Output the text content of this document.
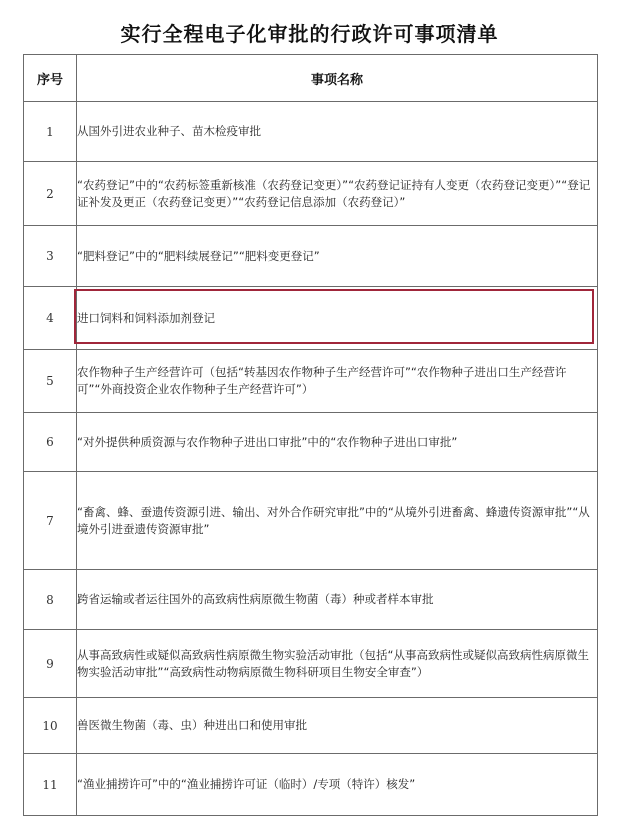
实行全程电子化审批的行政许可事项清单
序号	事项名称
1	从国外引进农业种子、苗木检疫审批
2	“农药登记”中的“农药标签重新核准（农药登记变更）”“农药登记证持有人变更（农药登记变更）”“登记证补发及更正（农药登记变更）”“农药登记信息添加（农药登记）”
3	“肥料登记”中的“肥料续展登记”“肥料变更登记”
4	进口饲料和饲料添加剂登记
5	农作物种子生产经营许可（包括“转基因农作物种子生产经营许可”“农作物种子进出口生产经营许可”“外商投资企业农作物种子生产经营许可”）
6	“对外提供种质资源与农作物种子进出口审批”中的“农作物种子进出口审批”
7	“畜禽、蜂、蚕遗传资源引进、输出、对外合作研究审批”中的“从境外引进畜禽、蜂遗传资源审批”“从境外引进蚕遗传资源审批”
8	跨省运输或者运往国外的高致病性病原微生物菌（毒）种或者样本审批
9	从事高致病性或疑似高致病性病原微生物实验活动审批（包括“从事高致病性或疑似高致病性病原微生物实验活动审批”“高致病性动物病原微生物科研项目生物安全审查”）
10	兽医微生物菌（毒、虫）种进出口和使用审批
11	“渔业捕捞许可”中的“渔业捕捞许可证（临时）/专项（特许）核发”
